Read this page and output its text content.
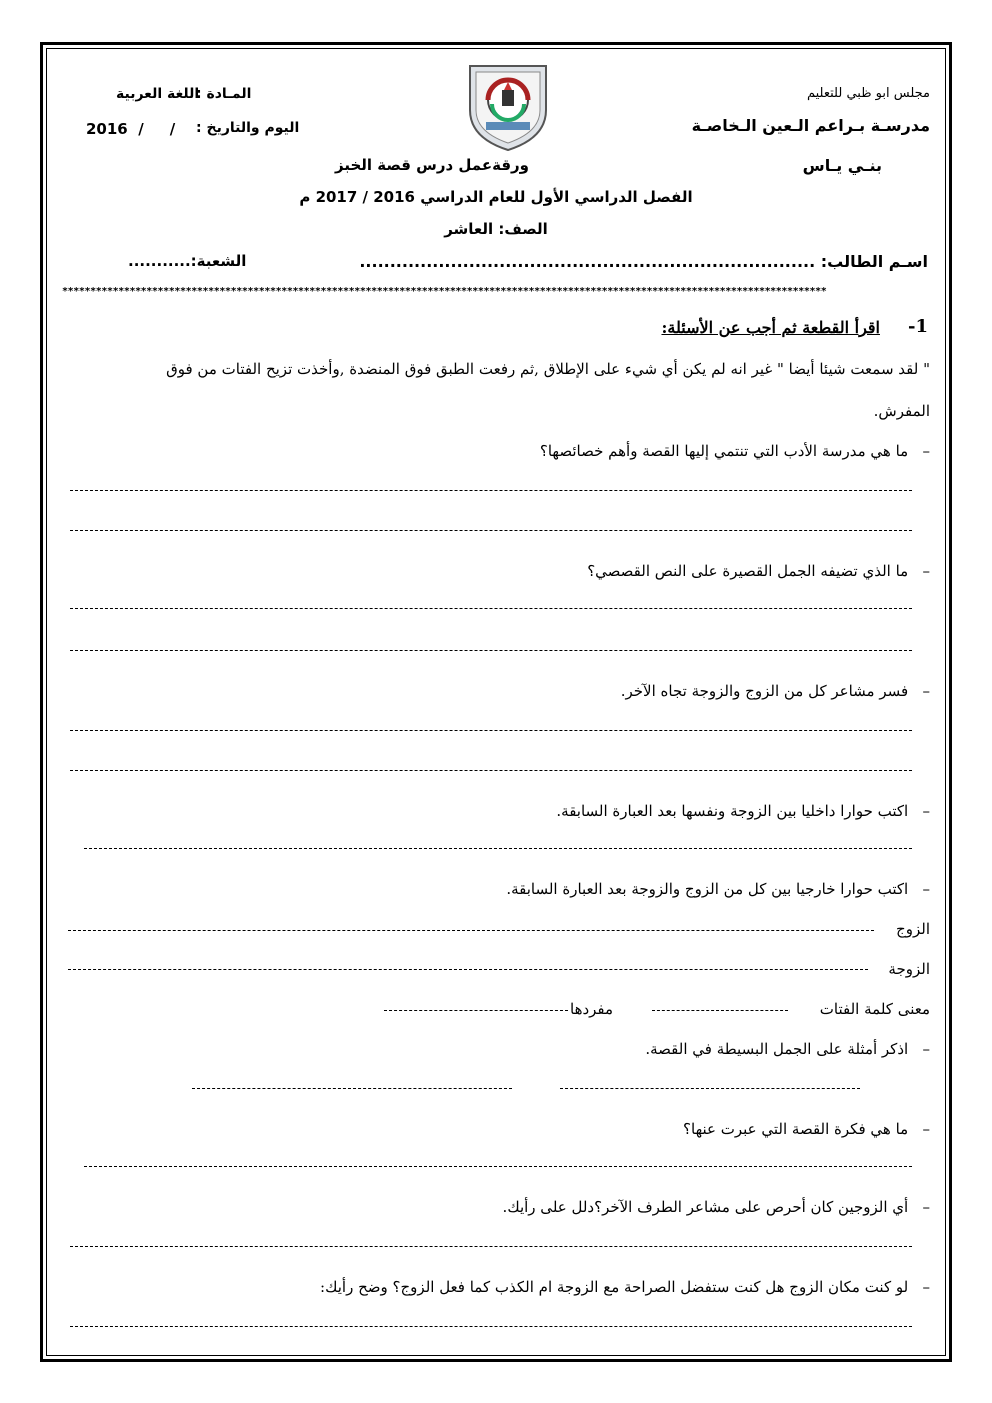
مجلس ابو ظبي للتعليم
مدرسـة بـراعم الـعين الـخاصـة
بنـي يـاس
المـادة :
اللغة العربية
اليوم والتاريخ :
2016  /     /
ورقةعمل درس قصة الخبز
الفصل الدراسي الأول للعام الدراسي 2016 / 2017 م
الصف: العاشر
اسـم الطالب: ...........................................................................
الشعبة:...........
****************************************************************************************************************************************
1-
اقرأ القطعة ثم أجب عن الأسئلة:
" لقد سمعت شيئا أيضا " غير انه لم يكن أي شيء على الإطلاق ,ثم رفعت الطبق فوق المنضدة ,وأخذت تزيح الفتات من فوق
المفرش.
–   ما هي مدرسة الأدب التي تنتمي إليها القصة وأهم خصائصها؟
–   ما الذي تضيفه الجمل القصيرة على النص القصصي؟
–   فسر مشاعر كل من الزوج والزوجة تجاه الآخر.
–   اكتب حوارا داخليا بين الزوجة ونفسها بعد العبارة السابقة.
–   اكتب حوارا خارجيا بين كل من الزوج والزوجة بعد العبارة السابقة.
الزوج
الزوجة
معنى كلمة الفتات
مفردها
–   اذكر أمثلة على الجمل البسيطة في القصة.
–   ما هي فكرة القصة التي عبرت عنها؟
–   أي الزوجين كان أحرص على مشاعر الطرف الآخر؟دلل على رأيك.
–   لو كنت مكان الزوج هل كنت ستفضل الصراحة مع الزوجة ام الكذب كما فعل الزوج؟ وضح رأيك:
